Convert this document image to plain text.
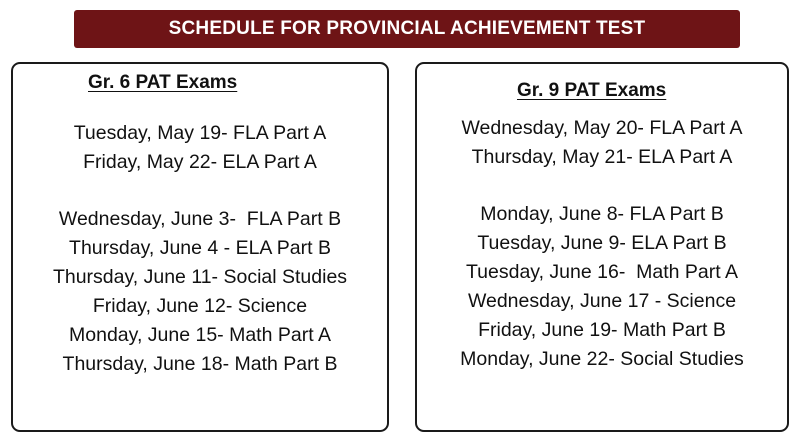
SCHEDULE FOR PROVINCIAL ACHIEVEMENT TEST
Gr. 6 PAT Exams
Tuesday, May 19- FLA Part A
Friday, May 22- ELA Part A
Wednesday, June 3-  FLA Part B
Thursday, June 4 - ELA Part B
Thursday, June 11- Social Studies
Friday, June 12- Science
Monday, June 15- Math Part A
Thursday, June 18- Math Part B
Gr. 9 PAT Exams
Wednesday, May 20- FLA Part A
Thursday, May 21- ELA Part A
Monday, June 8- FLA Part B
Tuesday, June 9- ELA Part B
Tuesday, June 16-  Math Part A
Wednesday, June 17 - Science
Friday, June 19- Math Part B
Monday, June 22- Social Studies
